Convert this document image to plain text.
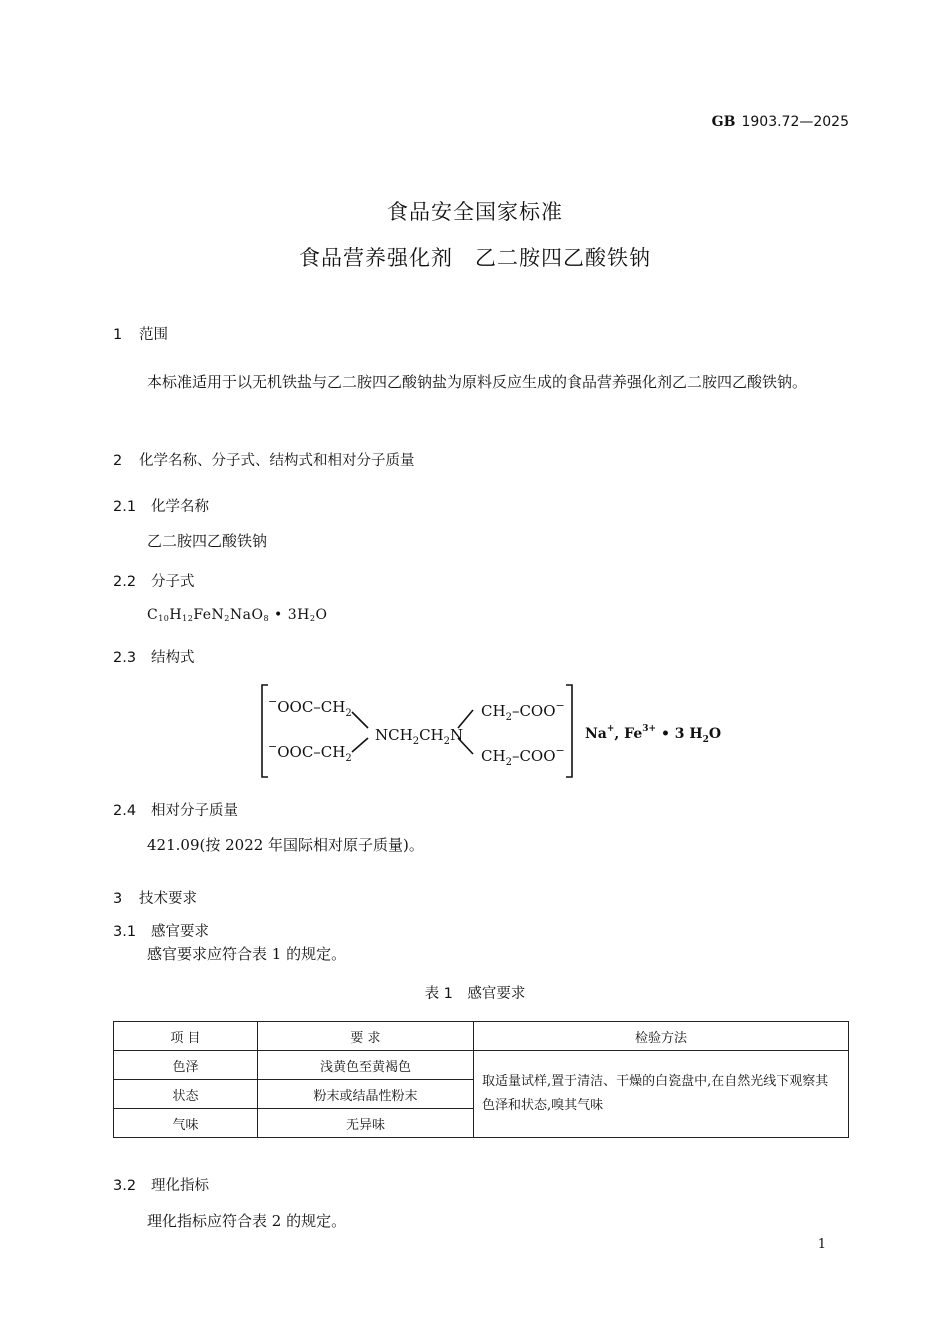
GB 1903.72—2025
食品安全国家标准
食品营养强化剂　乙二胺四乙酸铁钠
1 范围
本标准适用于以无机铁盐与乙二胺四乙酸钠盐为原料反应生成的食品营养强化剂乙二胺四乙酸铁钠。
2 化学名称、分子式、结构式和相对分子质量
2.1 化学名称
乙二胺四乙酸铁钠
2.2 分子式
$C_{10}H_{12}FeN_2NaO_8$ • $3H_2O$
2.3 结构式
$^-OOC-CH_2$
$^-OOC-CH_2$
$NCH_2CH_2N$
$CH_2-COO^-$
$CH_2-COO^-$
Na+, $Fe^{3+}$ • 3 $H_2O$
2.4 相对分子质量
421.09(按 2022 年国际相对原子质量)。
3 技术要求
3.1 感官要求
感官要求应符合表 1 的规定。
表 1　感官要求
项 目	要 求	检验方法
色泽	浅黄色至黄褐色	取适量试样,置于清洁、干燥的白瓷盘中,在自然光线下观察其色泽和状态,嗅其气味
状态	粉末或结晶性粉末	
气味	无异味	
3.2 理化指标
理化指标应符合表 2 的规定。
1
